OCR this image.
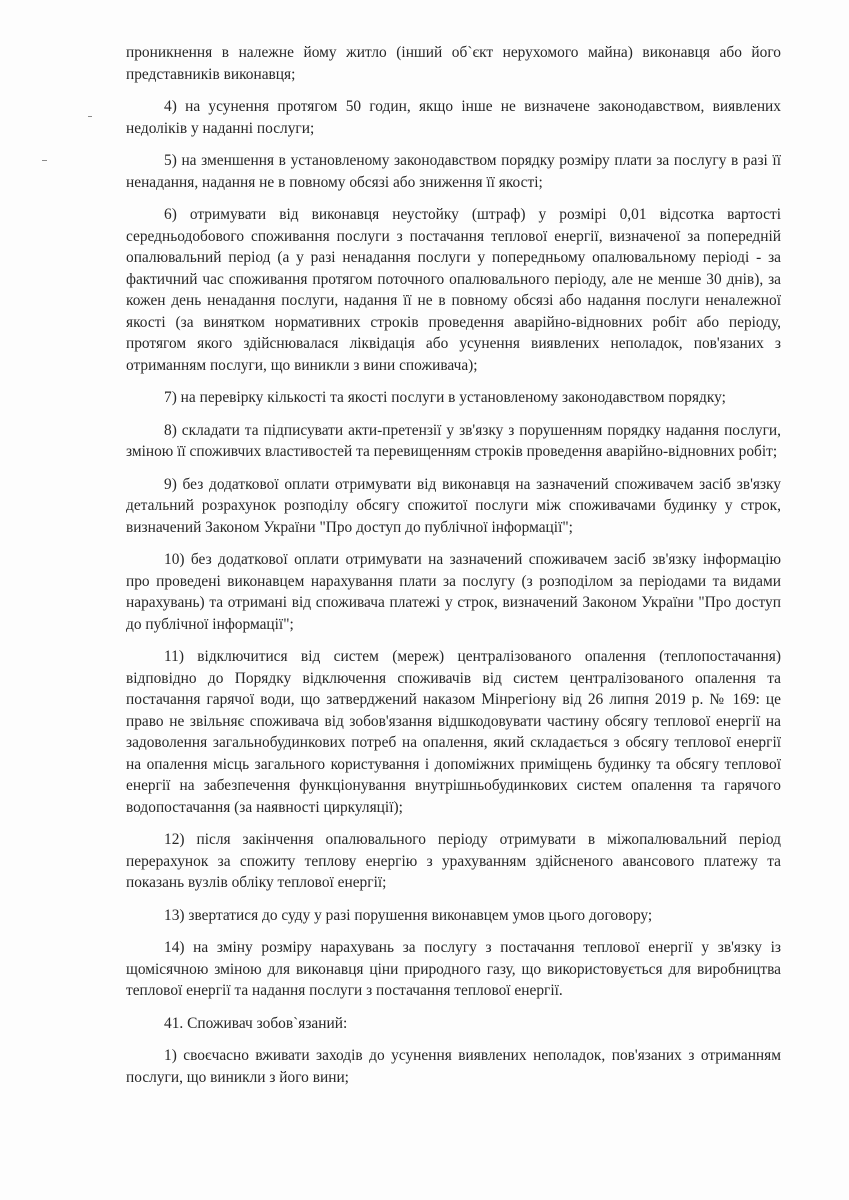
проникнення в належне йому житло (інший об`єкт нерухомого майна) виконавця або його представників виконавця;

4) на усунення протягом 50 годин, якщо інше не визначене законодавством, виявлених недоліків у наданні послуги;

5) на зменшення в установленому законодавством порядку розміру плати за послугу в разі її ненадання, надання не в повному обсязі або зниження її якості;

6) отримувати від виконавця неустойку (штраф) у розмірі 0,01 відсотка вартості середньодобового споживання послуги з постачання теплової енергії, визначеної за попередній опалювальний період (а у разі ненадання послуги у попередньому опалювальному періоді - за фактичний час споживання протягом поточного опалювального періоду, але не менше 30 днів), за кожен день ненадання послуги, надання її не в повному обсязі або надання послуги неналежної якості (за винятком нормативних строків проведення аварійно-відновних робіт або періоду, протягом якого здійснювалася ліквідація або усунення виявлених неполадок, пов'язаних з отриманням послуги, що виникли з вини споживача);

7) на перевірку кількості та якості послуги в установленому законодавством порядку;

8) складати та підписувати акти-претензії у зв'язку з порушенням порядку надання послуги, зміною її споживчих властивостей та перевищенням строків проведення аварійно-відновних робіт;

9) без додаткової оплати отримувати від виконавця на зазначений споживачем засіб зв'язку детальний розрахунок розподілу обсягу спожитої послуги між споживачами будинку у строк, визначений Законом України "Про доступ до публічної інформації";

10) без додаткової оплати отримувати на зазначений споживачем засіб зв'язку інформацію про проведені виконавцем нарахування плати за послугу (з розподілом за періодами та видами нарахувань) та отримані від споживача платежі у строк, визначений Законом України "Про доступ до публічної інформації";

11) відключитися від систем (мереж) централізованого опалення (теплопостачання) відповідно до Порядку відключення споживачів від систем централізованого опалення та постачання гарячої води, що затверджений наказом Мінрегіону від 26 липня 2019 р. № 169: це право не звільняє споживача від зобов'язання відшкодовувати частину обсягу теплової енергії на задоволення загальнобудинкових потреб на опалення, який складається з обсягу теплової енергії на опалення місць загального користування і допоміжних приміщень будинку та обсягу теплової енергії на забезпечення функціонування внутрішньобудинкових систем опалення та гарячого водопостачання (за наявності циркуляції);

12) після закінчення опалювального періоду отримувати в міжопалювальний період перерахунок за спожиту теплову енергію з урахуванням здійсненого авансового платежу та показань вузлів обліку теплової енергії;

13) звертатися до суду у разі порушення виконавцем умов цього договору;

14) на зміну розміру нарахувань за послугу з постачання теплової енергії у зв'язку із щомісячною зміною для виконавця ціни природного газу, що використовується для виробництва теплової енергії та надання послуги з постачання теплової енергії.

41. Споживач зобов`язаний:

1) своєчасно вживати заходів до усунення виявлених неполадок, пов'язаних з отриманням послуги, що виникли з його вини;
